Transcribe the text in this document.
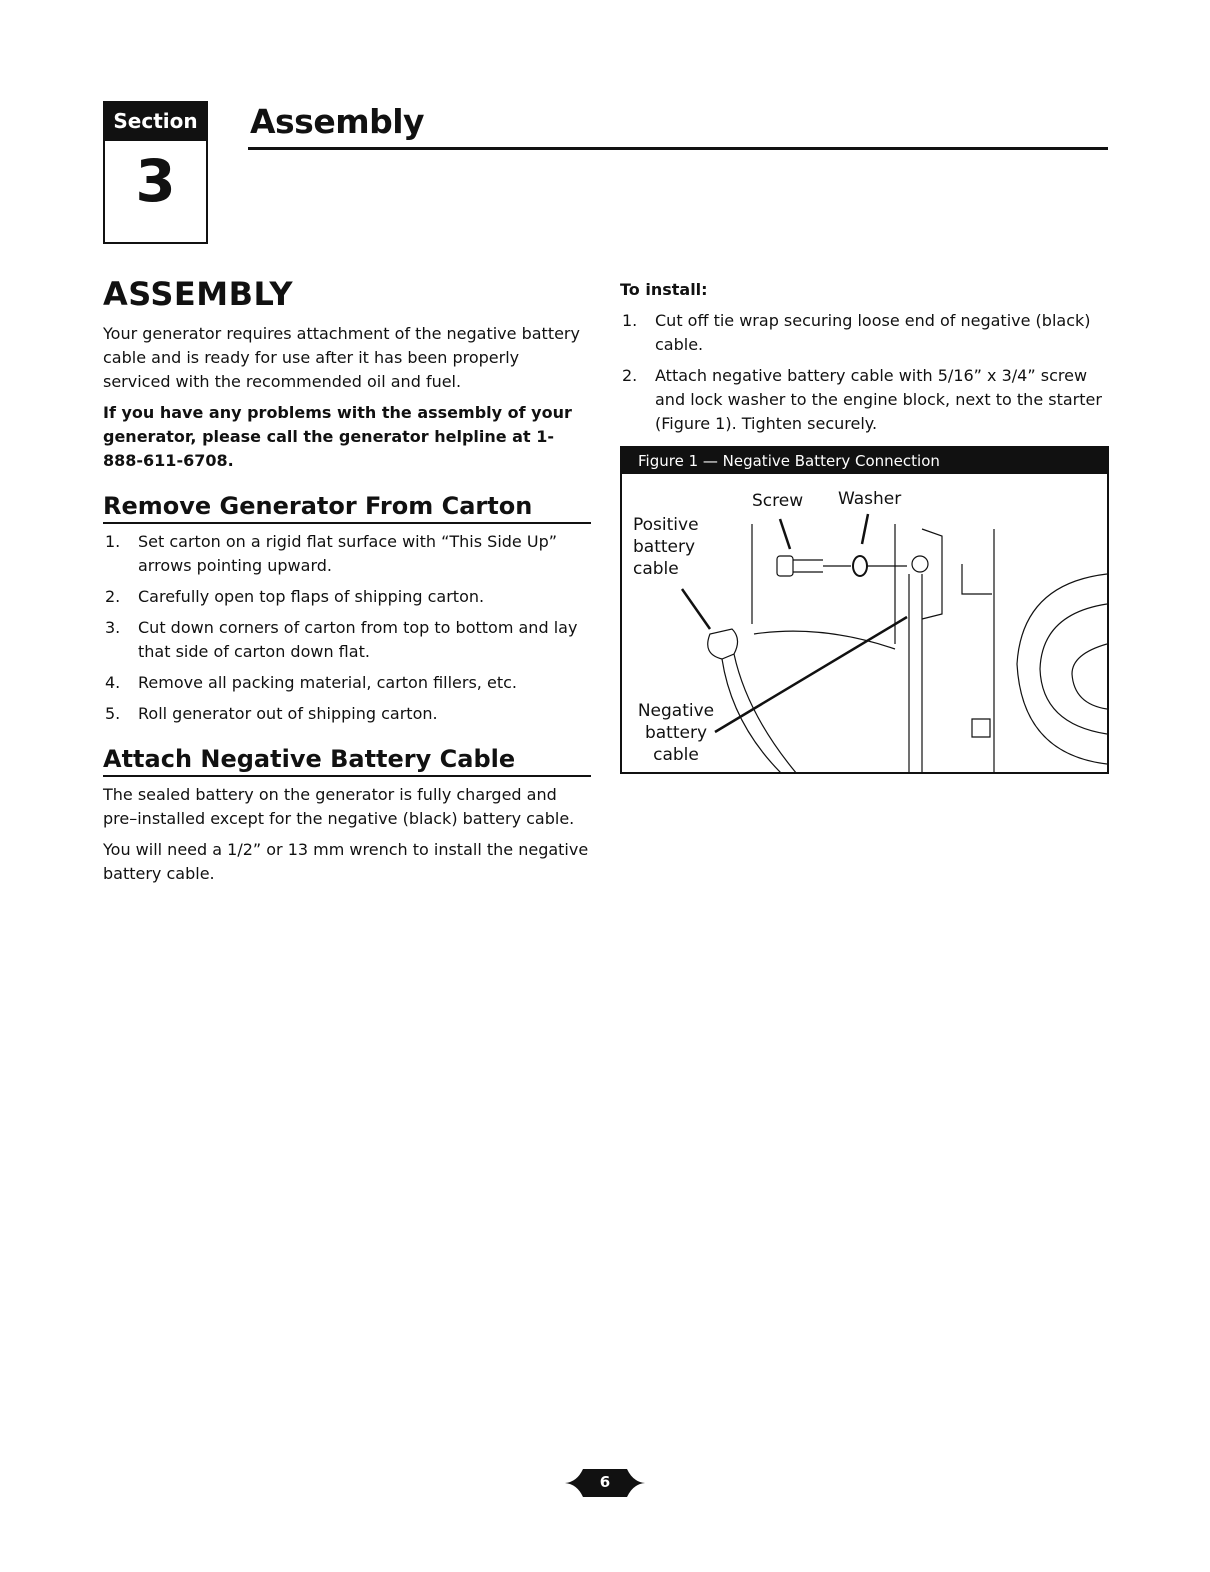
Section
3
Assembly
ASSEMBLY

Your generator requires attachment of the negative battery cable and is ready for use after it has been properly serviced with the recommended oil and fuel.

If you have any problems with the assembly of your generator, please call the generator helpline at 1-888-611-6708.

Remove Generator From Carton
1. Set carton on a rigid flat surface with “This Side Up” arrows pointing upward.
2. Carefully open top flaps of shipping carton.
3. Cut down corners of carton from top to bottom and lay that side of carton down flat.
4. Remove all packing material, carton fillers, etc.
5. Roll generator out of shipping carton.
Attach Negative Battery Cable

The sealed battery on the generator is fully charged and pre–installed except for the negative (black) battery cable.

You will need a 1/2” or 13 mm wrench to install the negative battery cable.

To install:

1. Cut off tie wrap securing loose end of negative (black) cable.
2. Attach negative battery cable with 5/16” x 3/4” screw and lock washer to the engine block, next to the starter (Figure 1). Tighten securely.
Figure 1 — Negative Battery Connection
Screw Washer
Positive battery cable
Negative battery cable
6
